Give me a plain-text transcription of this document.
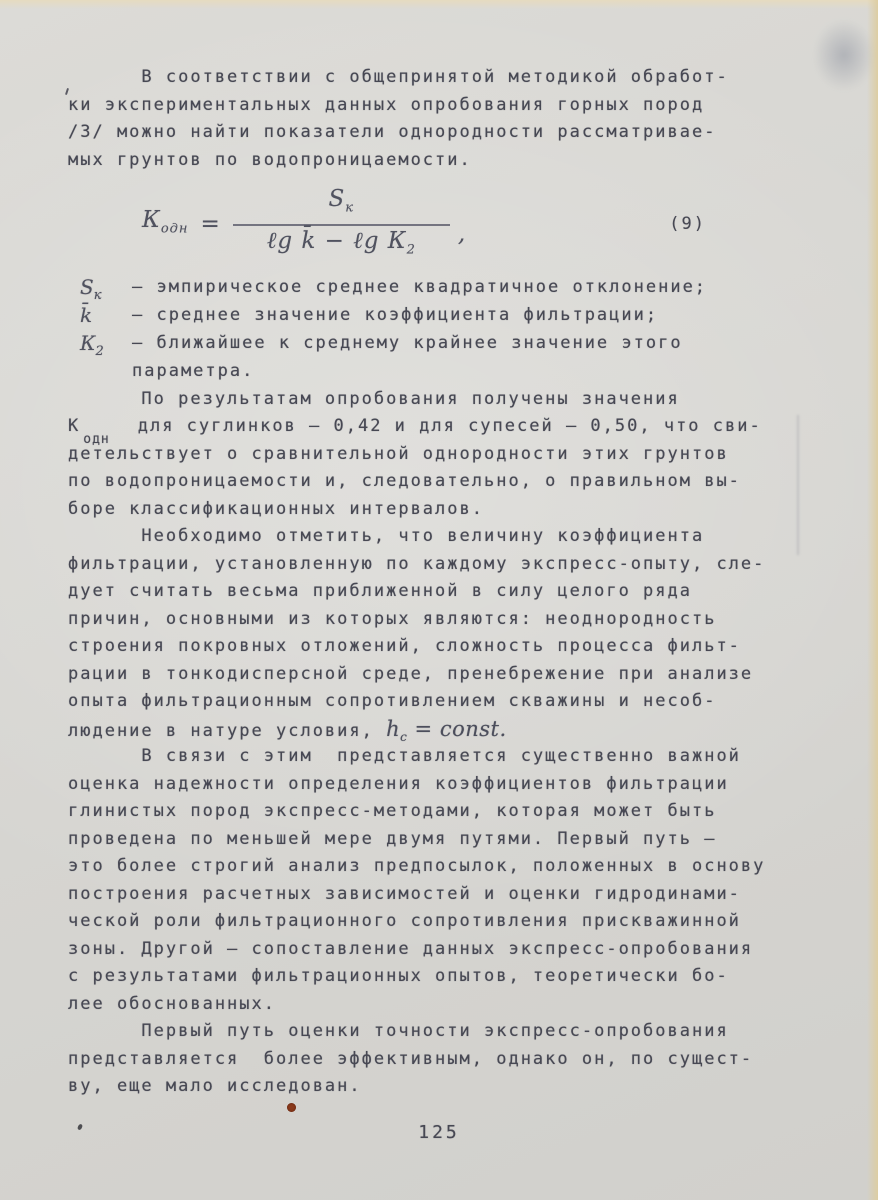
В соответствии с общепринятой методикой обработ-
ки экспериментальных данных опробования горных пород
/3/ можно найти показатели однородности рассматривае-
мых грунтов по водопроницаемости.
$К_{одн} = \frac{S_к}{\ell g k̄ - \ell g К_2}$ ,	(9)
$S_к$	– эмпирическое среднее квадратичное отклонение;
k̄	– среднее значение коэффициента фильтрации;
$К_2$	– ближайшее к среднему крайнее значение этого
параметра.
По результатам опробования получены значения
Кодндля суглинков – 0,42 и для супесей – 0,50, что сви-
детельствует о сравнительной однородности этих грунтов
по водопроницаемости и, следовательно, о правильном вы-
боре классификационных интервалов.
Необходимо отметить, что величину коэффициента
фильтрации, установленную по каждому экспресс-опыту, сле-
дует считать весьма приближенной в силу целого ряда
причин, основными из которых являются: неоднородность
строения покровных отложений, сложность процесса фильт-
рации в тонкодисперсной среде, пренебрежение при анализе
опыта фильтрационным сопротивлением скважины и несоб-
людение в натуре условия, $h_c$ = const.
В связи с этим  представляется существенно важной
оценка надежности определения коэффициентов фильтрации
глинистых пород экспресс-методами, которая может быть
проведена по меньшей мере двумя путями. Первый путь –
это более строгий анализ предпосылок, положенных в основу
построения расчетных зависимостей и оценки гидродинами-
ческой роли фильтрационного сопротивления прискважинной
зоны. Другой – сопоставление данных экспресс-опробования
с результатами фильтрационных опытов, теоретически бо-
лее обоснованных.
Первый путь оценки точности экспресс-опробования
представляется  более эффективным, однако он, по сущест-
ву, еще мало исследован.
125
